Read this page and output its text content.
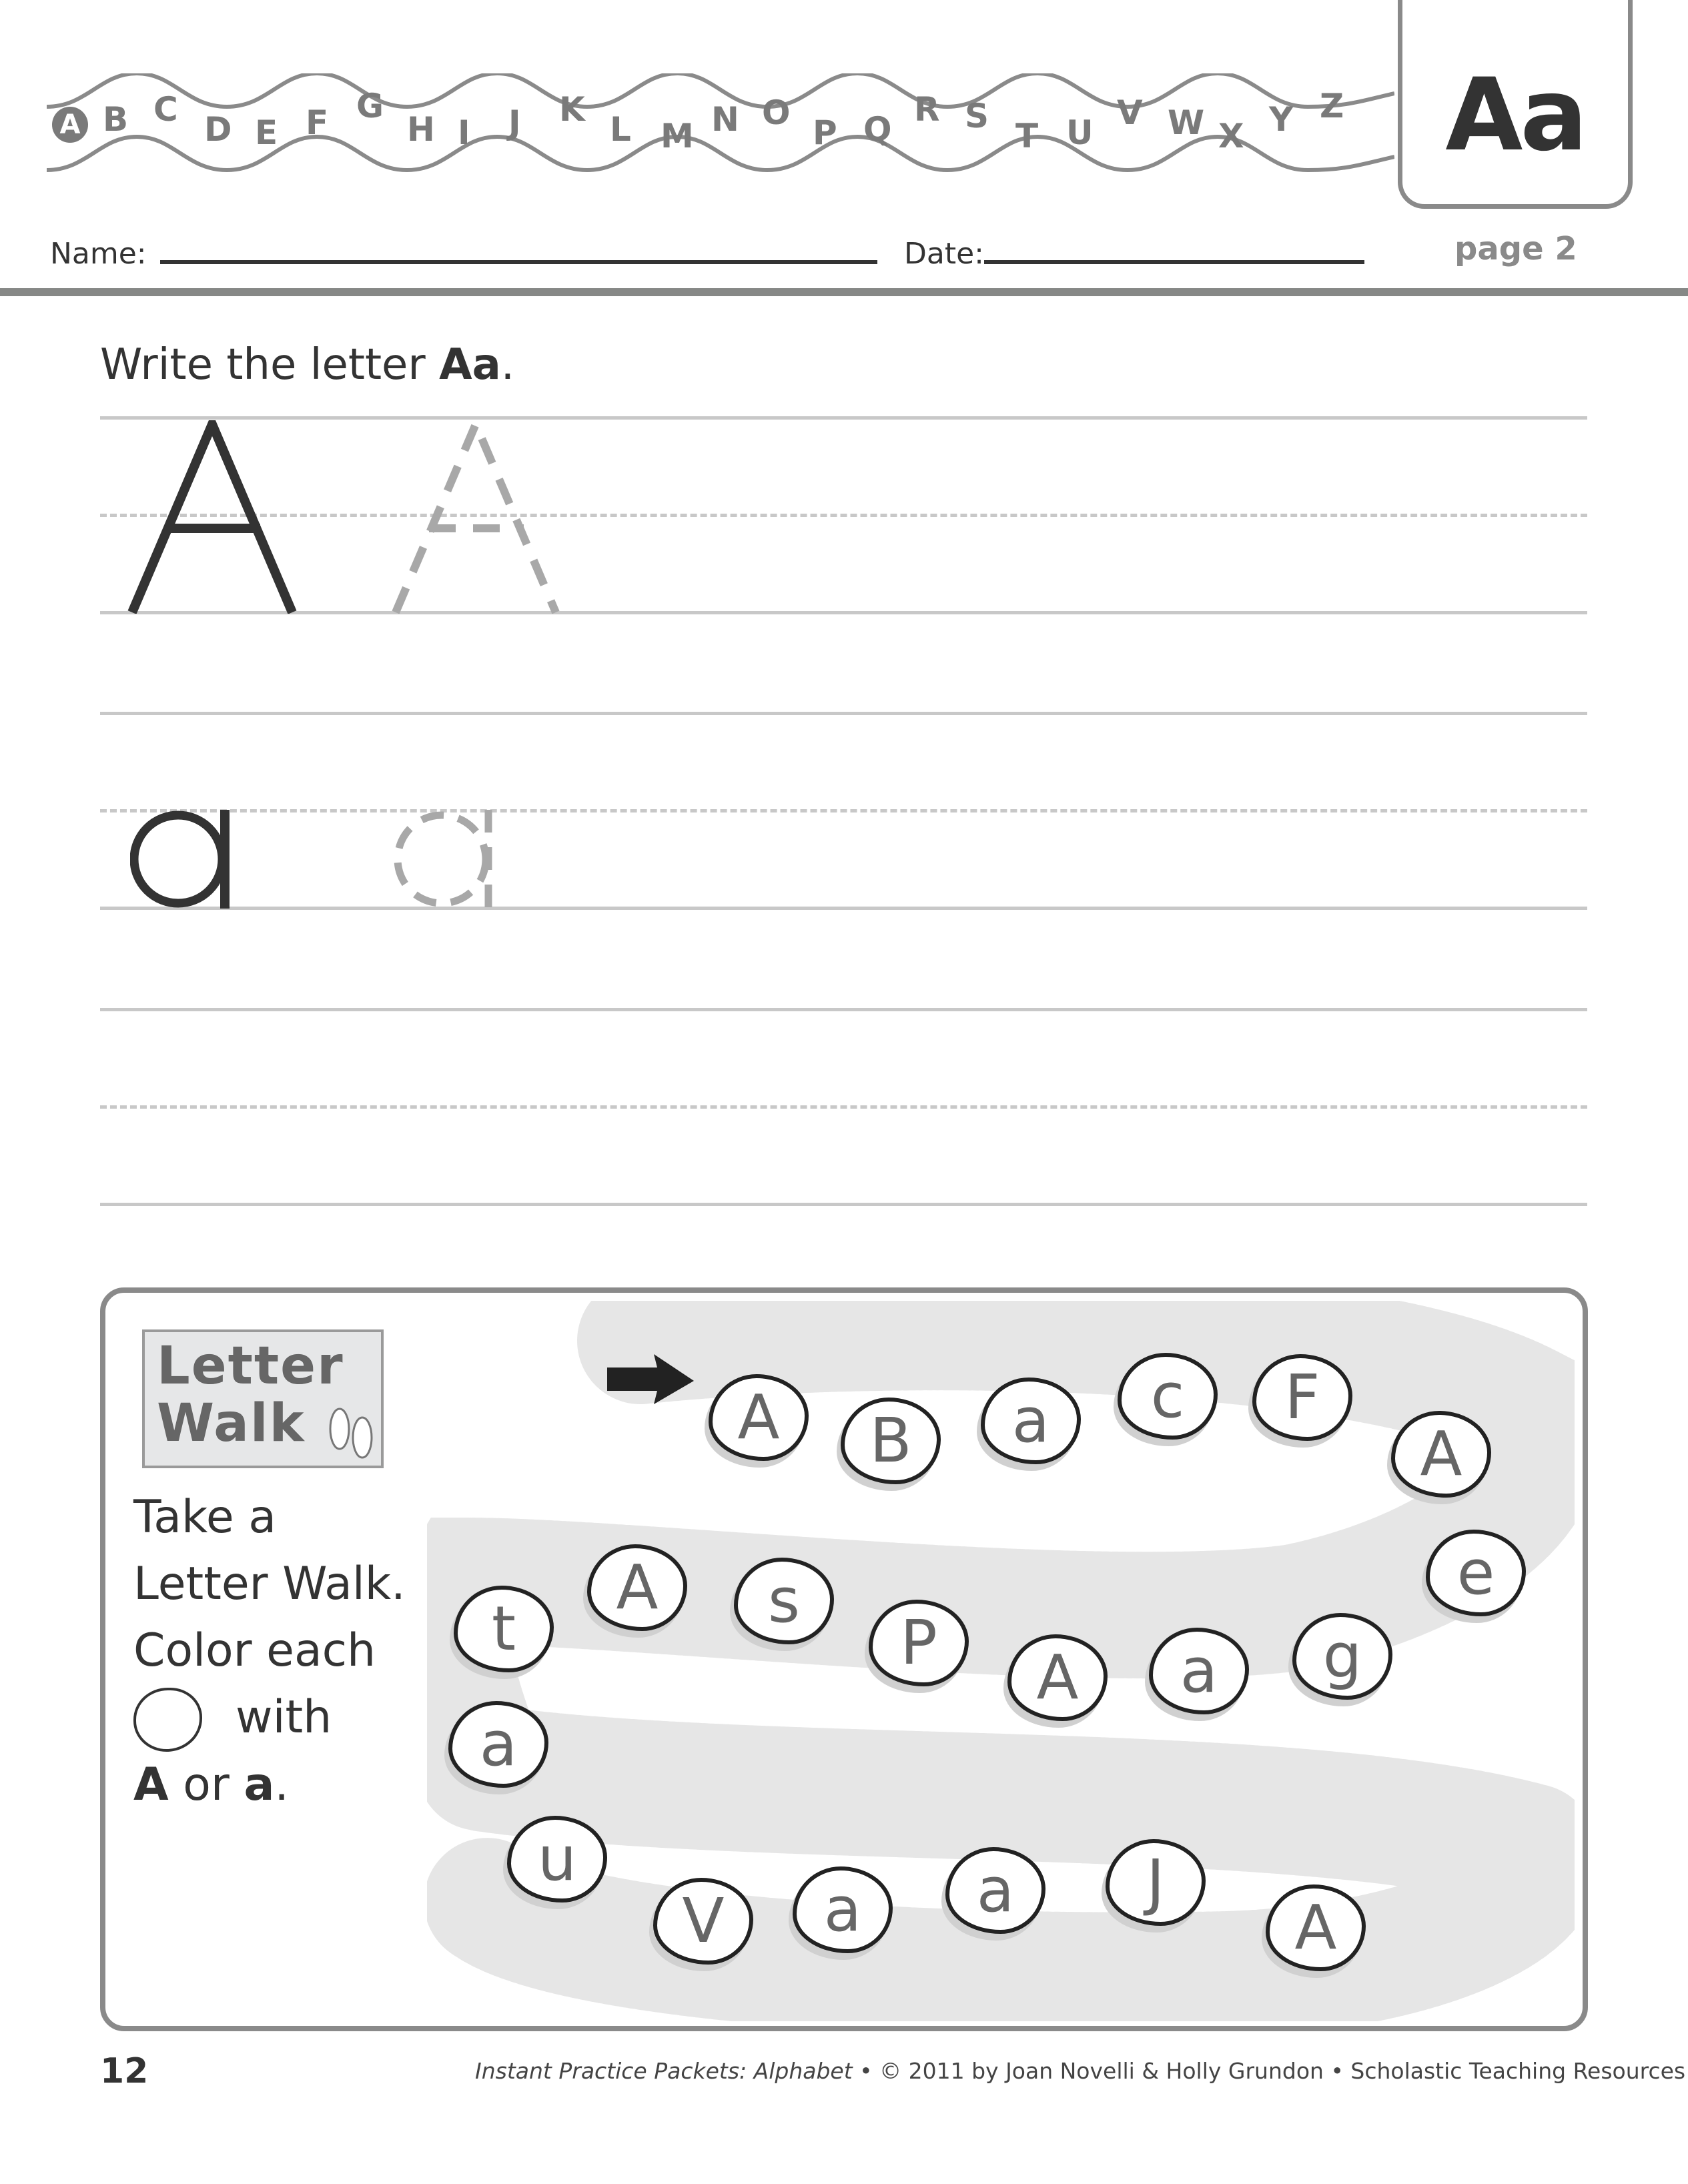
A B C
D E F G
H I J K
L M N O
P Q
R S
T U
V W X Y Z Aa
page 2
Name:	Date:
Write the letter Aa.
Letter
Walk
Take a
Letter Walk.
Color each
with
A or a.
A B a c F
A
e
g
a
A
P
s
A
t
a
u
V a a J
A
12	Instant Practice Packets: Alphabet • © 2011 by Joan Novelli & Holly Grundon • Scholastic Teaching Resources
